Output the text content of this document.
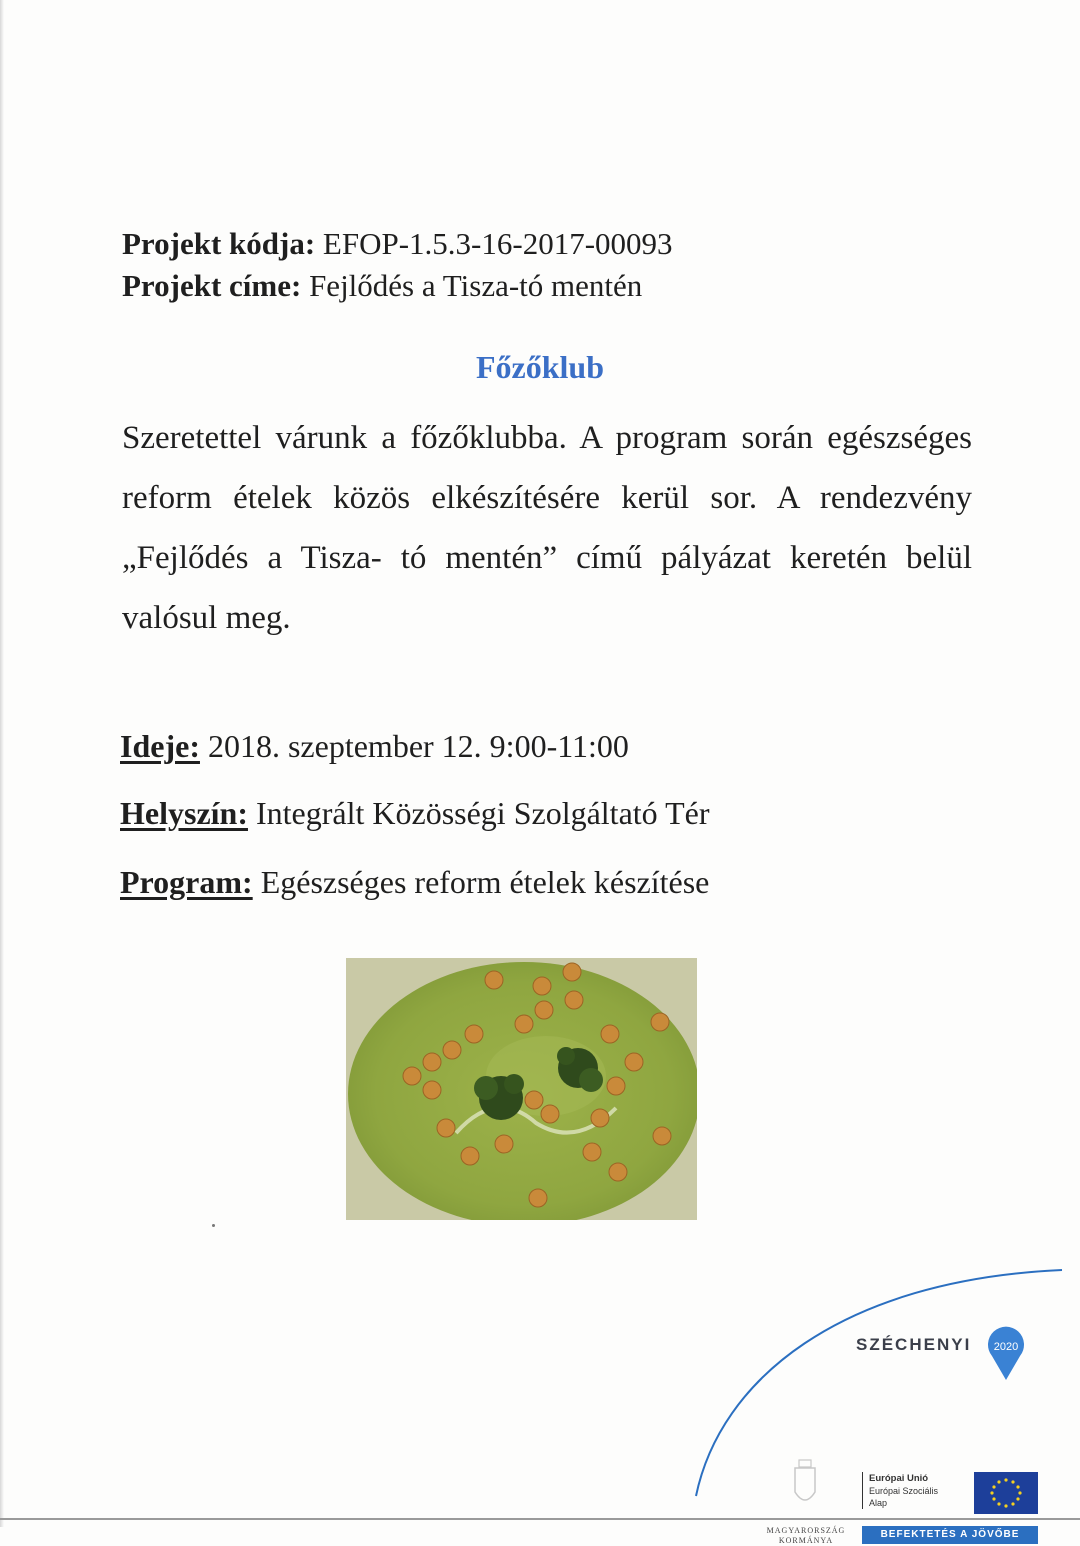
Projekt kódja: EFOP-1.5.3-16-2017-00093
Projekt címe: Fejlődés a Tisza-tó mentén
Főzőklub
Szeretettel várunk a főzőklubba. A program során egészséges reform ételek közös elkészítésére kerül sor. A rendezvény „Fejlődés a Tisza- tó mentén” című pályázat keretén belül valósul meg.
Ideje: 2018. szeptember 12. 9:00-11:00
Helyszín: Integrált Közösségi Szolgáltató Tér
Program: Egészséges reform ételek készítése
SZÉCHENYI 2020
Európai Unió
Európai Szociális
Alap
MAGYARORSZÁG
KORMÁNYA
BEFEKTETÉS A JÖVŐBE
